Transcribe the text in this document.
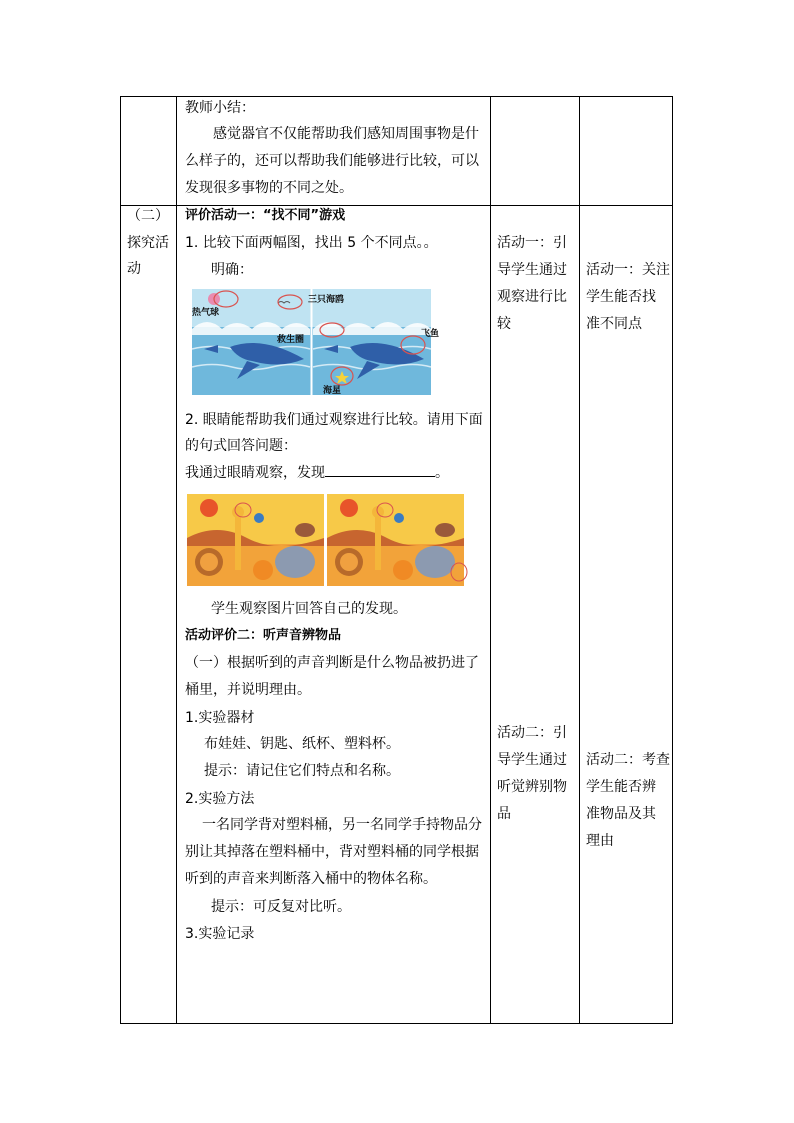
教师小结：
感觉器官不仅能帮助我们感知周围事物是什
么样子的，还可以帮助我们能够进行比较，可以
发现很多事物的不同之处。
（二）
探究活
动
评价活动一：“找不同”游戏
1. 比较下面两幅图，找出 5 个不同点。。
明确：
热气球
三只海鸥
救生圈
飞鱼
海星
2. 眼睛能帮助我们通过观察进行比较。请用下面
的句式回答问题：
我通过眼睛观察，发现	。
学生观察图片回答自己的发现。
活动评价二：听声音辨物品
（一）根据听到的声音判断是什么物品被扔进了
桶里，并说明理由。
1.实验器材
布娃娃、钥匙、纸杯、塑料杯。
提示：请记住它们特点和名称。
2.实验方法
一名同学背对塑料桶，另一名同学手持物品分
别让其掉落在塑料桶中，背对塑料桶的同学根据
听到的声音来判断落入桶中的物体名称。
提示：可反复对比听。
3.实验记录
活动一：引
导学生通过
观察进行比
较
活动二：引
导学生通过
听觉辨别物
品
活动一：关注
学生能否找
准不同点
活动二：考查
学生能否辨
准物品及其
理由
